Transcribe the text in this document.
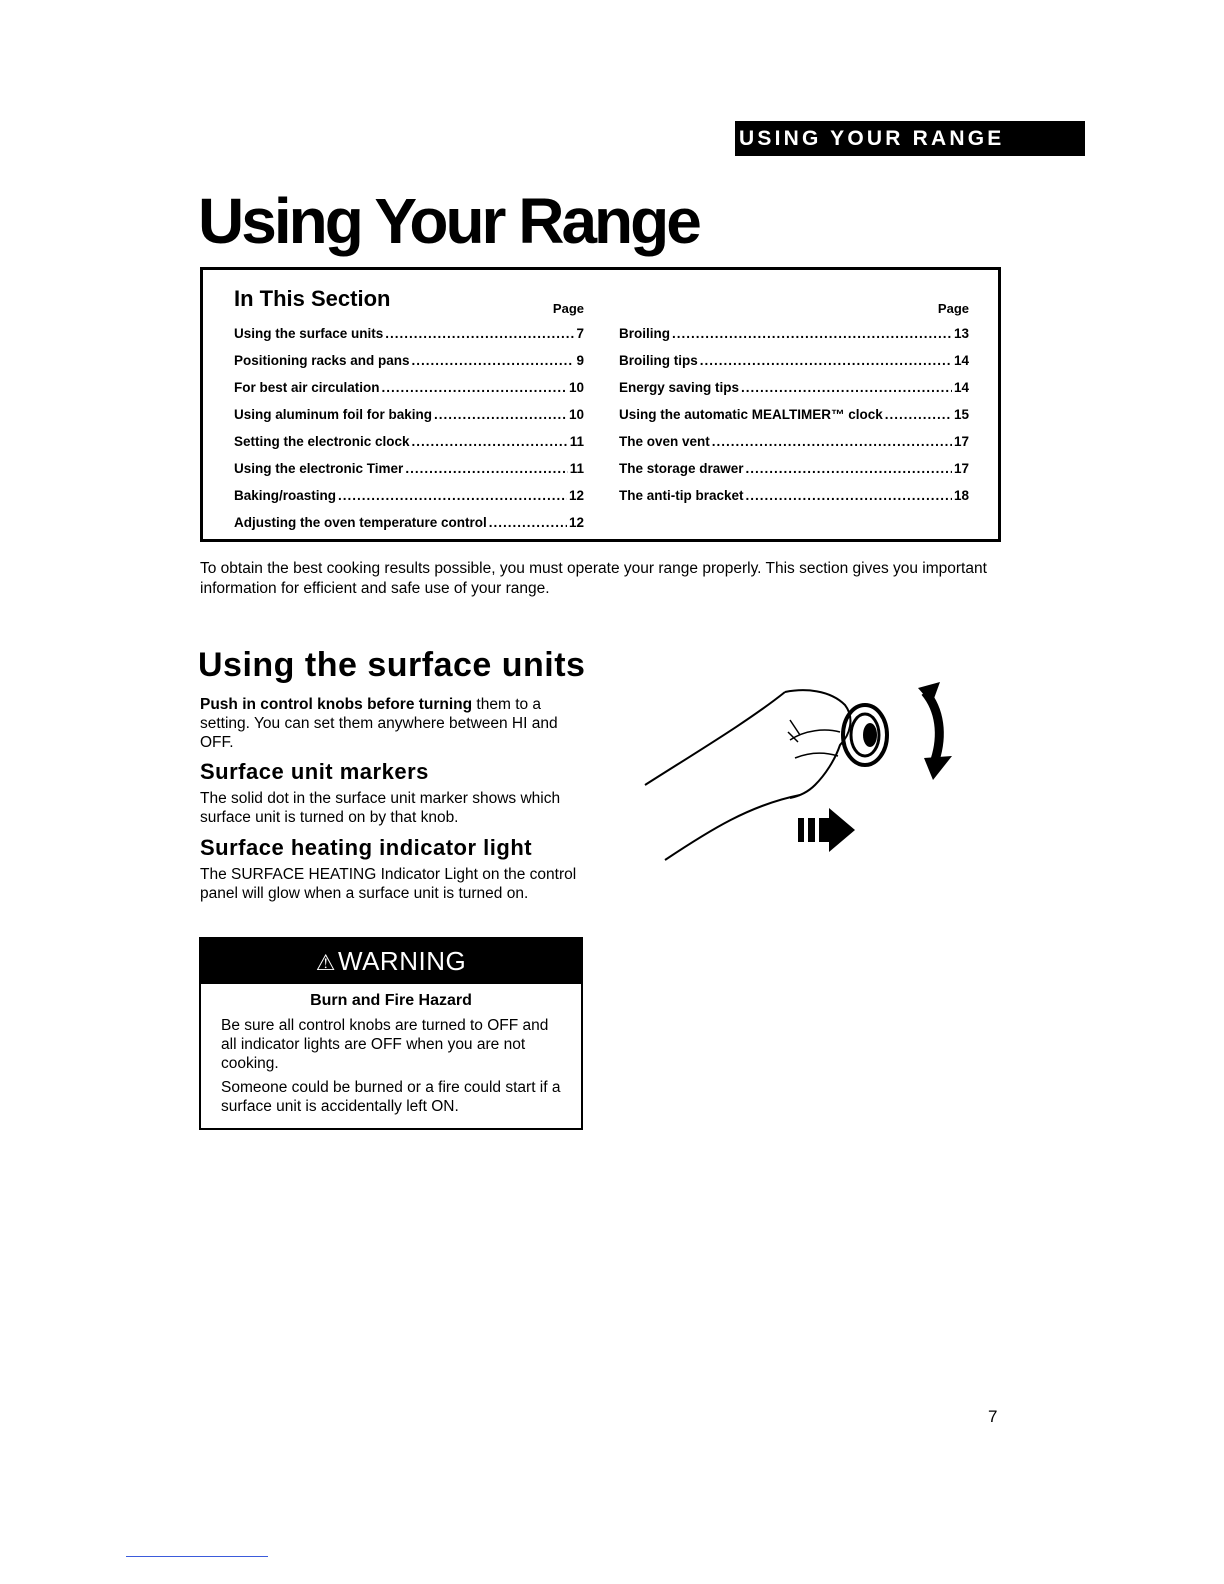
USING YOUR RANGE
Using Your Range
In This Section	Page
Using the surface units .....	7
Positioning racks and pans .....	9
For best air circulation .....	10
Using aluminum foil for baking .....	10
Setting the electronic clock .....	11
Using the electronic Timer .....	11
Baking/roasting .....	12
Adjusting the oven temperature control .....	12
Page
Broiling .....	13
Broiling tips .....	14
Energy saving tips .....	14
Using the automatic MEALTIMER™ clock .....	15
The oven vent .....	17
The storage drawer .....	17
The anti-tip bracket .....	18

To obtain the best cooking results possible, you must operate your range properly. This section gives you important information for efficient and safe use of your range.

Using the surface units

Push in control knobs before turning them to a setting. You can set them anywhere between HI and OFF.

Surface unit markers

The solid dot in the surface unit marker shows which surface unit is turned on by that knob.

Surface heating indicator light

The SURFACE HEATING Indicator Light on the control panel will glow when a surface unit is turned on.

⚠WARNING
Burn and Fire Hazard

Be sure all control knobs are turned to OFF and all indicator lights are OFF when you are not cooking.

Someone could be burned or a fire could start if a surface unit is accidentally left ON.

7
